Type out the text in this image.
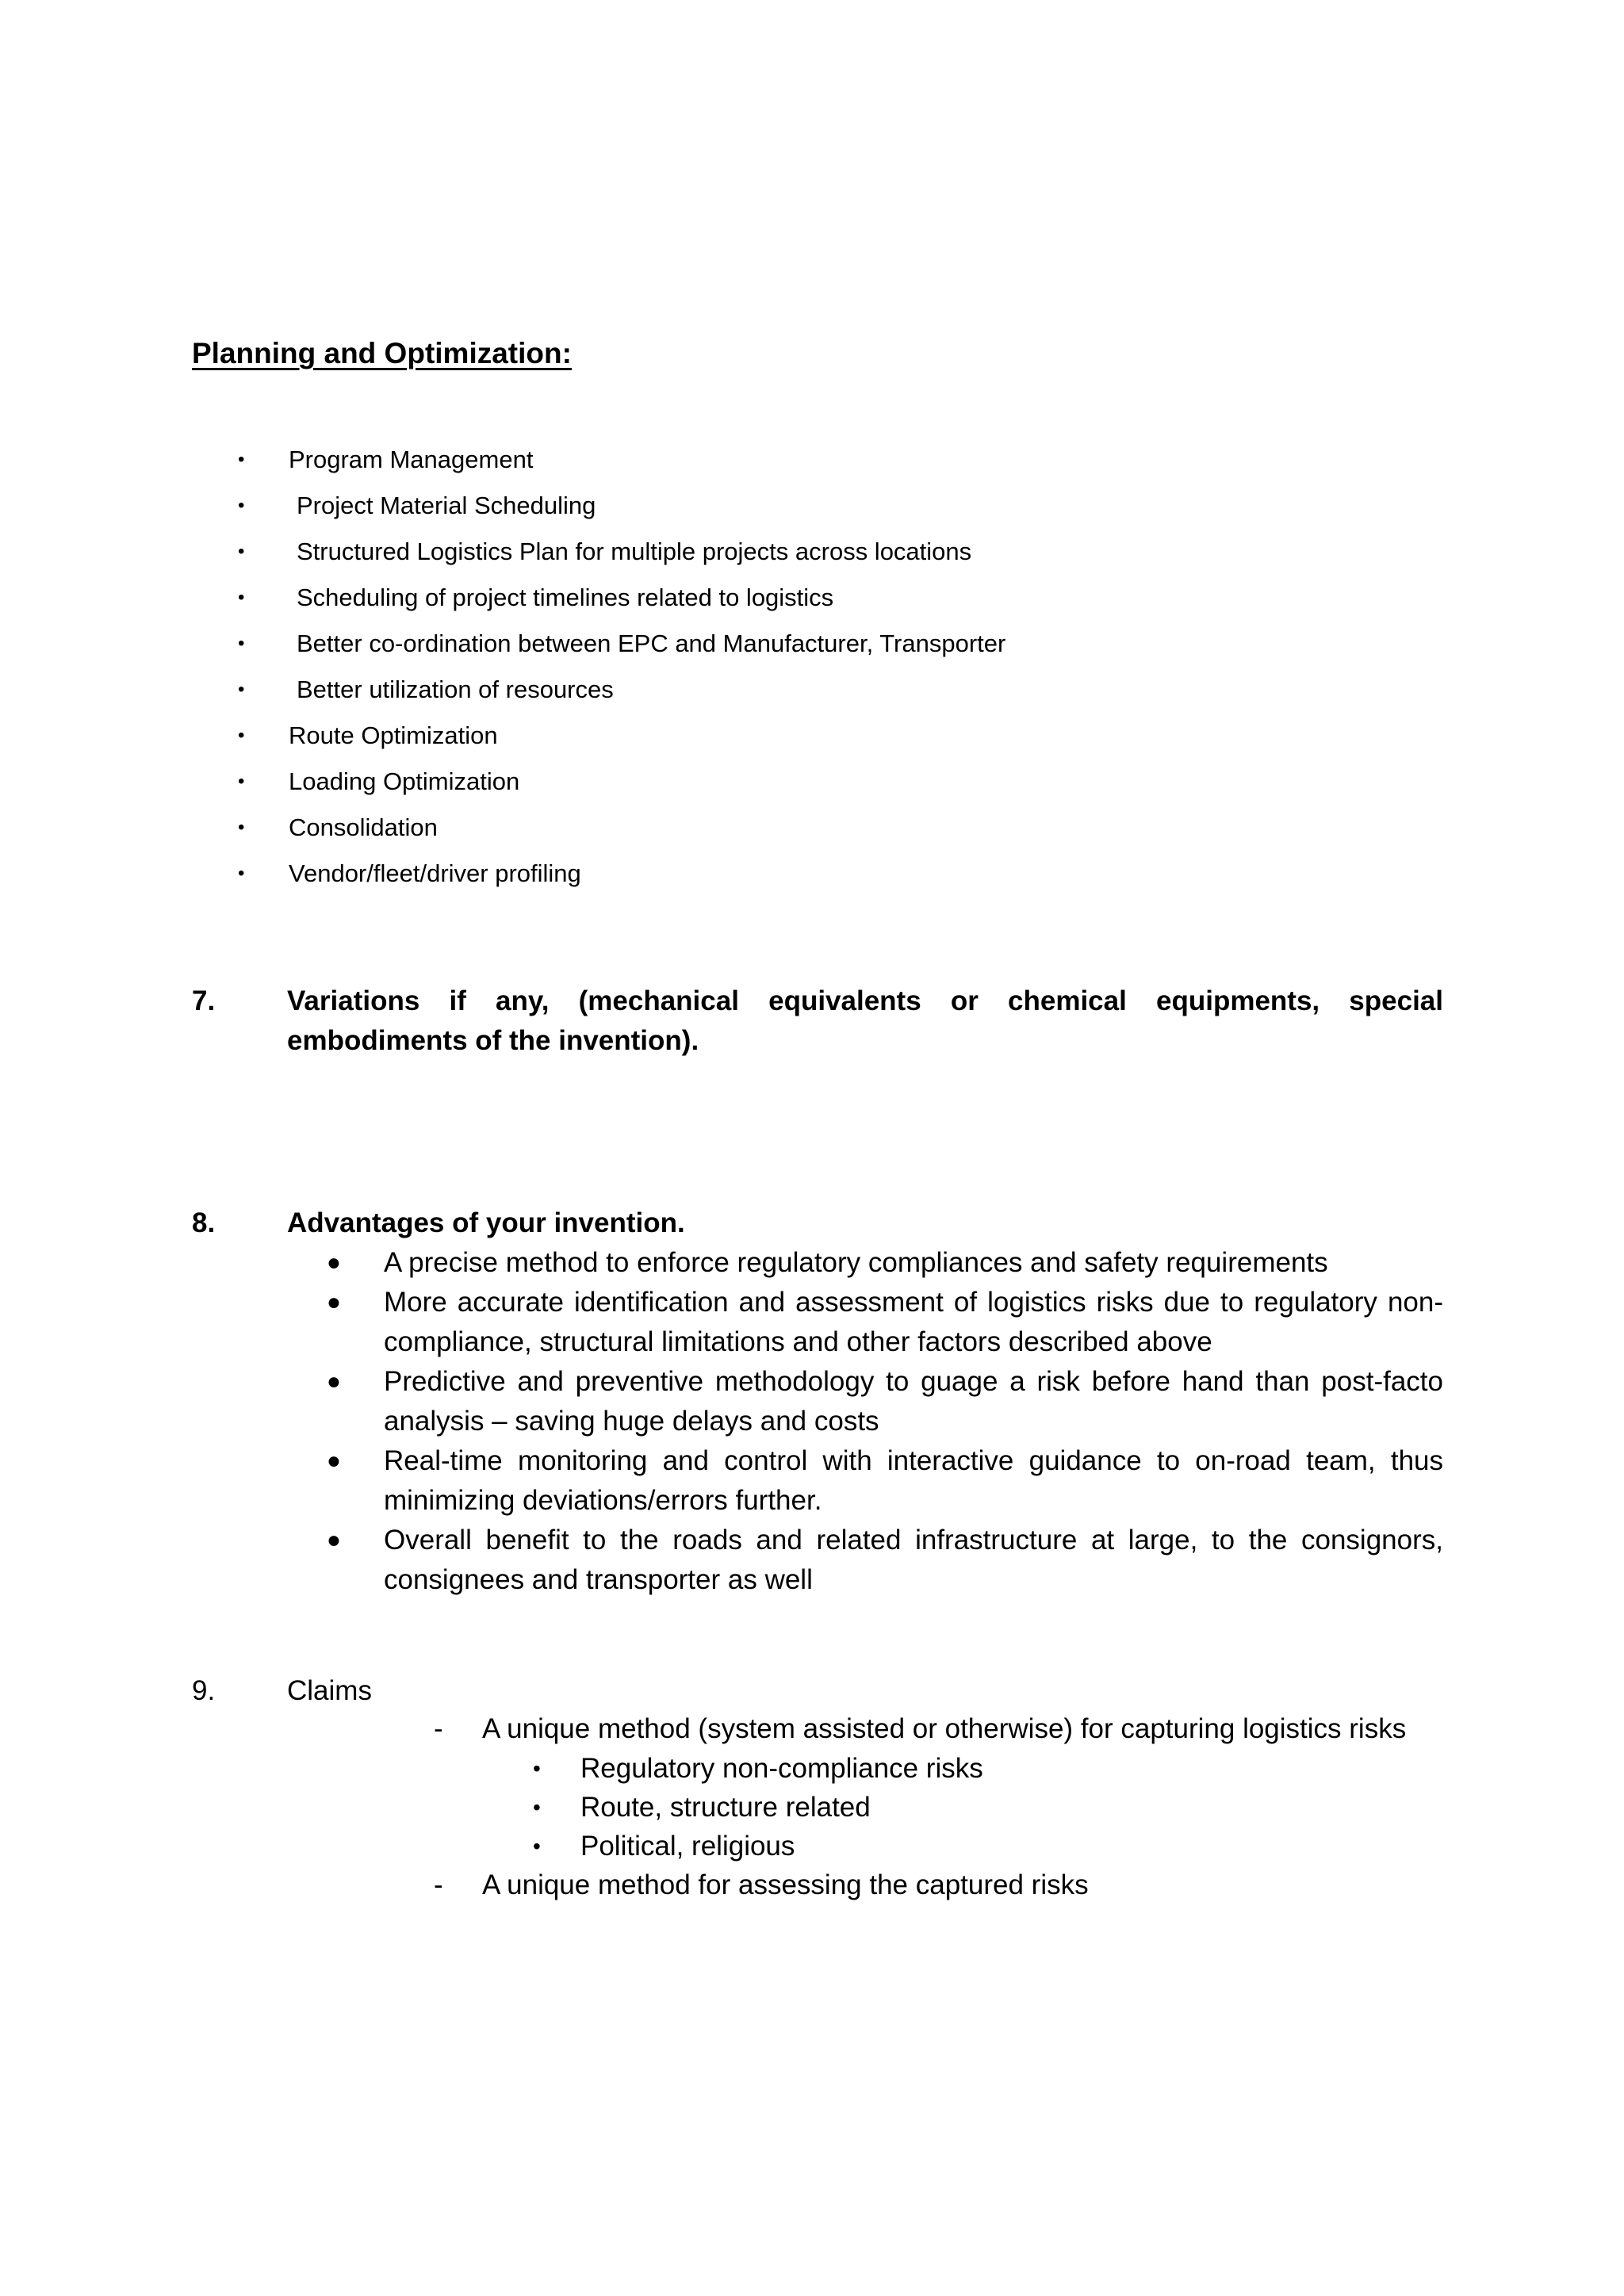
Planning and Optimization:
• Program Management
• Project Material Scheduling
• Structured Logistics Plan for multiple projects across locations
• Scheduling of project timelines related to logistics
• Better co-ordination between EPC and Manufacturer, Transporter
• Better utilization of resources
• Route Optimization
• Loading Optimization
• Consolidation
• Vendor/fleet/driver profiling
7.	Variations if any, (mechanical equivalents or chemical equipments, special
embodiments of the invention).
8.	Advantages of your invention.
● A precise method to enforce regulatory compliances and safety requirements
● More accurate identification and assessment of logistics risks due to regulatory non-compliance, structural limitations and other factors described above
● Predictive and preventive methodology to guage a risk before hand than post-facto analysis – saving huge delays and costs
● Real-time monitoring and control with interactive guidance to on-road team, thus minimizing deviations/errors further.
● Overall benefit to the roads and related infrastructure at large, to the consignors, consignees and transporter as well
9.	Claims
- A unique method (system assisted or otherwise) for capturing logistics risks
• Regulatory non-compliance risks
• Route, structure related
• Political, religious
- A unique method for assessing the captured risks
